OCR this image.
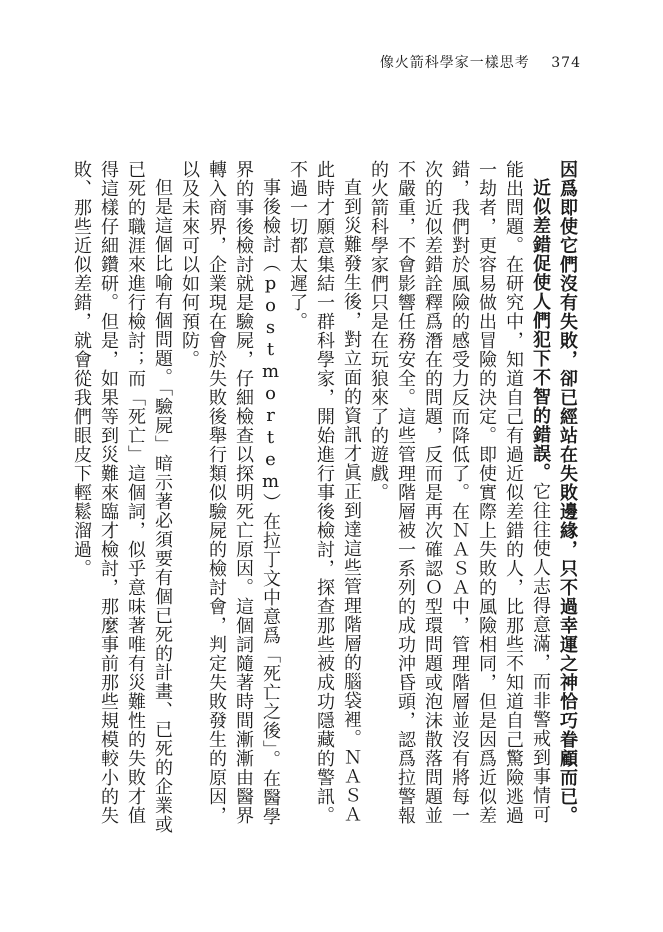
像火箭科學家一樣思考 374

因爲即使它們沒有失敗，卻已經站在失敗邊緣，只不過幸運之神恰巧眷顧而已。

近似差錯促使人們犯下不智的錯誤。它往往使人志得意滿，而非警戒到事情可能出問題。在研究中，知道自己有過近似差錯的人，比那些不知道自己驚險逃過一劫者，更容易做出冒險的決定。即使實際上失敗的風險相同，但是因爲近似差錯，我們對於風險的感受力反而降低了。在ＮＡＳＡ中，管理階層並沒有將每一次的近似差錯詮釋爲潛在的問題，反而是再次確認Ｏ型環問題或泡沫散落問題並不嚴重，不會影響任務安全。這些管理階層被一系列的成功沖昏頭，認爲拉警報的火箭科學家們只是在玩狼來了的遊戲。

直到災難發生後，對立面的資訊才眞正到達這些管理階層的腦袋裡。ＮＡＳＡ此時才願意集結一群科學家，開始進行事後檢討，探查那些被成功隱藏的警訊。不過一切都太遲了。

事後檢討（postmortem）在拉丁文中意爲「死亡之後」。在醫學界的事後檢討就是驗屍，仔細檢查以探明死亡原因。這個詞隨著時間漸漸由醫界轉入商界，企業現在會於失敗後舉行類似驗屍的檢討會，判定失敗發生的原因，以及未來可以如何預防。

但是這個比喻有個問題。「驗屍」暗示著必須要有個已死的計畫、已死的企業或已死的職涯來進行檢討；而「死亡」這個詞，似乎意味著唯有災難性的失敗才值得這樣仔細鑽研。但是，如果等到災難來臨才檢討，那麼事前那些規模較小的失敗、那些近似差錯，就會從我們眼皮下輕鬆溜過。
